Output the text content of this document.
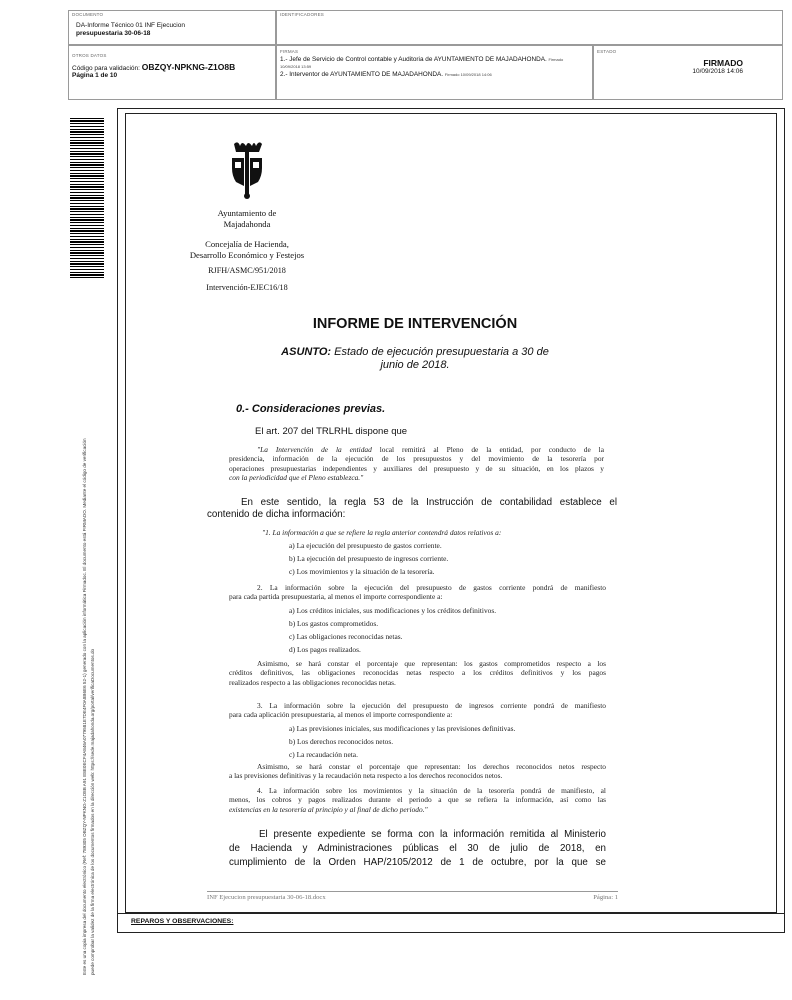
DOCUMENTO
DA-Informe Técnico 01 INF Ejecucion
presupuestaria 30-06-18
IDENTIFICADORES
OTROS DATOS
Código para validación: OBZQY-NPKNG-Z1O8B
Página 1 de 10
FIRMAS
1.- Jefe de Servicio de Control contable y Auditoria de AYUNTAMIENTO DE MAJADAHONDA. Firmado
10/09/2018 13:59
2.- Interventor de AYUNTAMIENTO DE MAJADAHONDA. Firmado 10/09/2018 14:06
ESTADO
FIRMADO
10/09/2018 14:06
Este es una copia impresa del documento electrónico (Ref: 789305 OBZQY-NPKNG-Z1O8B A91 E8E0ECF4A846A0779581E7DE4F0A8B6E6 52-1) generado con la aplicación informática Firmadoc. El documento está FIRMADO. Mediante el código de verificación puede comprobar la validez de la firma electrónica de los documentos firmados en la dirección web: https://sede.majadahonda.org/portal/verificaDocumentos.do
Ayuntamiento de
Majadahonda
Concejalía de Hacienda,
Desarrollo Económico y Festejos
RJFH/ASMC/951/2018
Intervención-EJEC16/18
INFORME DE INTERVENCIÓN
ASUNTO: Estado de ejecución presupuestaria a 30 de
junio de 2018.
0.- Consideraciones previas.
El art. 207 del TRLRHL dispone que
"La Intervención de la entidad local remitirá al Pleno de la entidad, por conducto de la
presidencia, información de la ejecución de los presupuestos y del movimiento de la tesorería por
operaciones presupuestarias independientes y auxiliares del presupuesto y de su situación, en los plazos y
con la periodicidad que el Pleno establezca."
En este sentido, la regla 53 de la Instrucción de contabilidad establece el
contenido de dicha información:
"1. La información a que se refiere la regla anterior contendrá datos relativos a:
a) La ejecución del presupuesto de gastos corriente.
b) La ejecución del presupuesto de ingresos corriente.
c) Los movimientos y la situación de la tesorería.
2. La información sobre la ejecución del presupuesto de gastos corriente pondrá de manifiesto
para cada partida presupuestaria, al menos el importe correspondiente a:
a) Los créditos iniciales, sus modificaciones y los créditos definitivos.
b) Los gastos comprometidos.
c) Las obligaciones reconocidas netas.
d) Los pagos realizados.
Asimismo, se hará constar el porcentaje que representan: los gastos comprometidos respecto a los
créditos definitivos, las obligaciones reconocidas netas respecto a los créditos definitivos y los pagos
realizados respecto a las obligaciones reconocidas netas.
3. La información sobre la ejecución del presupuesto de ingresos corriente pondrá de manifiesto
para cada aplicación presupuestaria, al menos el importe correspondiente a:
a) Las previsiones iniciales, sus modificaciones y las previsiones definitivas.
b) Los derechos reconocidos netos.
c) La recaudación neta.
Asimismo, se hará constar el porcentaje que representan: los derechos reconocidos netos respecto
a las previsiones definitivas y la recaudación neta respecto a los derechos reconocidos netos.
4. La información sobre los movimientos y la situación de la tesorería pondrá de manifiesto, al
menos, los cobros y pagos realizados durante el periodo a que se refiera la información, así como las
existencias en la tesorería al principio y al final de dicho periodo."
El presente expediente se forma con la información remitida al Ministerio
de Hacienda y Administraciones públicas el 30 de julio de 2018, en
cumplimiento de la Orden HAP/2105/2012 de 1 de octubre, por la que se
INF Ejecucion presupuestaria 30-06-18.docx	Página: 1
REPAROS Y OBSERVACIONES:
